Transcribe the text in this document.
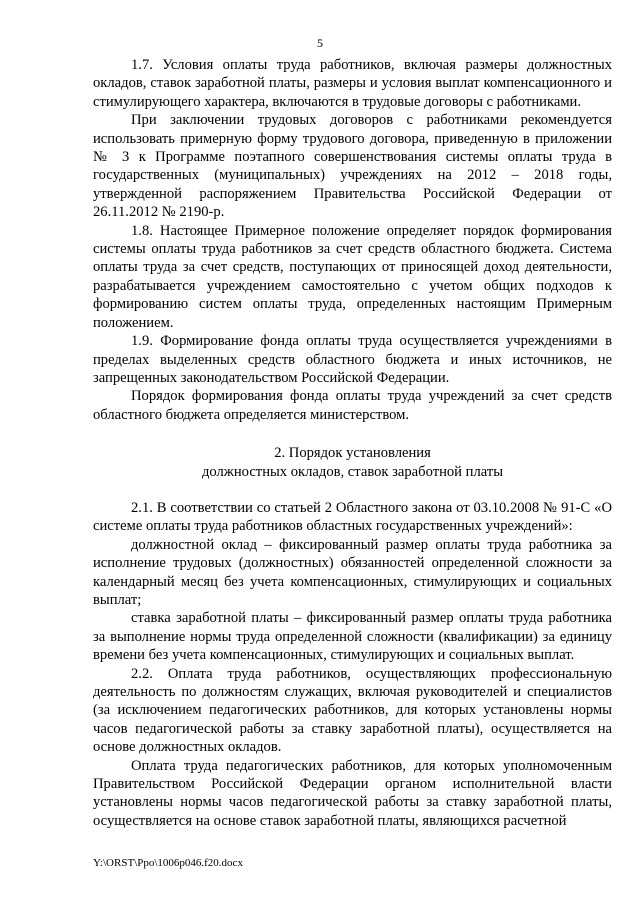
5

1.7. Условия оплаты труда работников, включая размеры должностных окладов, ставок заработной платы, размеры и условия выплат компенсационного и стимулирующего характера, включаются в трудовые договоры с работниками.

При заключении трудовых договоров с работниками рекомендуется использовать примерную форму трудового договора, приведенную в приложении № 3 к Программе поэтапного совершенствования системы оплаты труда в государственных (муниципальных) учреждениях на 2012 – 2018 годы, утвержденной распоряжением Правительства Российской Федерации от 26.11.2012 № 2190-р.

1.8. Настоящее Примерное положение определяет порядок формирования системы оплаты труда работников за счет средств областного бюджета. Система оплаты труда за счет средств, поступающих от приносящей доход деятельности, разрабатывается учреждением самостоятельно с учетом общих подходов к формированию систем оплаты труда, определенных настоящим Примерным положением.

1.9. Формирование фонда оплаты труда осуществляется учреждениями в пределах выделенных средств областного бюджета и иных источников, не запрещенных законодательством Российской Федерации.

Порядок формирования фонда оплаты труда учреждений за счет средств областного бюджета определяется министерством.

2. Порядок установления
должностных окладов, ставок заработной платы

2.1. В соответствии со статьей 2 Областного закона от 03.10.2008 № 91-С «О системе оплаты труда работников областных государственных учреждений»:

должностной оклад – фиксированный размер оплаты труда работника за исполнение трудовых (должностных) обязанностей определенной сложности за календарный месяц без учета компенсационных, стимулирующих и социальных выплат;

ставка заработной платы – фиксированный размер оплаты труда работника за выполнение нормы труда определенной сложности (квалификации) за единицу времени без учета компенсационных, стимулирующих и социальных выплат.

2.2. Оплата труда работников, осуществляющих профессиональную деятельность по должностям служащих, включая руководителей и специалистов (за исключением педагогических работников, для которых установлены нормы часов педагогической работы за ставку заработной платы), осуществляется на основе должностных окладов.

Оплата труда педагогических работников, для которых уполномоченным Правительством Российской Федерации органом исполнительной власти установлены нормы часов педагогической работы за ставку заработной платы, осуществляется на основе ставок заработной платы, являющихся расчетной

Y:\ORST\Ppo\1006p046.f20.docx
